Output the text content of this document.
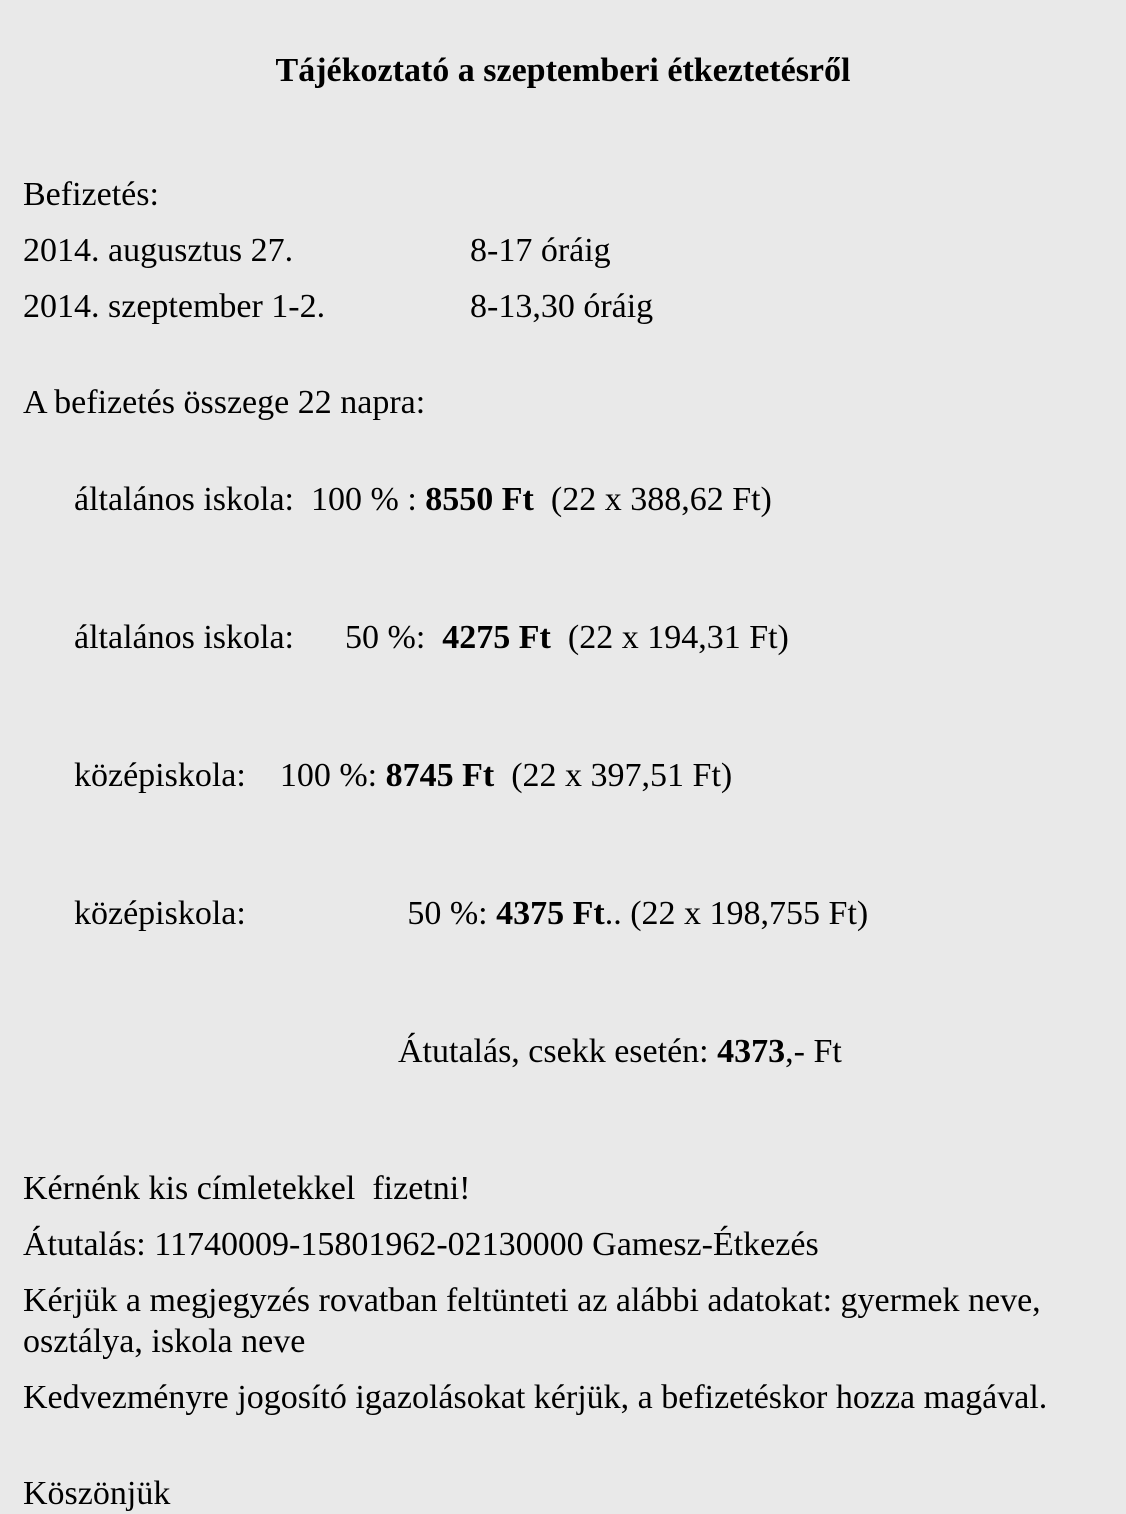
Tájékoztató a szeptemberi étkeztetésről

Befizetés:

2014. augusztus 27.	8-17 óráig
2014. szeptember 1-2.	8-13,30 óráig

A befizetés összege 22 napra:

általános iskola:  100 % : 8550 Ft  (22 x 388,62 Ft)

általános iskola:      50 %:  4275 Ft  (22 x 194,31 Ft)

középiskola:    100 %: 8745 Ft  (22 x 397,51 Ft)

középiskola:                   50 %: 4375 Ft.. (22 x 198,755 Ft)

Átutalás, csekk esetén: 4373,- Ft

Kérnénk kis címletekkel  fizetni!

Átutalás: 11740009-15801962-02130000 Gamesz-Étkezés

Kérjük a megjegyzés rovatban feltünteti az alábbi adatokat: gyermek neve, osztálya, iskola neve

Kedvezményre jogosító igazolásokat kérjük, a befizetéskor hozza magával.

Köszönjük
